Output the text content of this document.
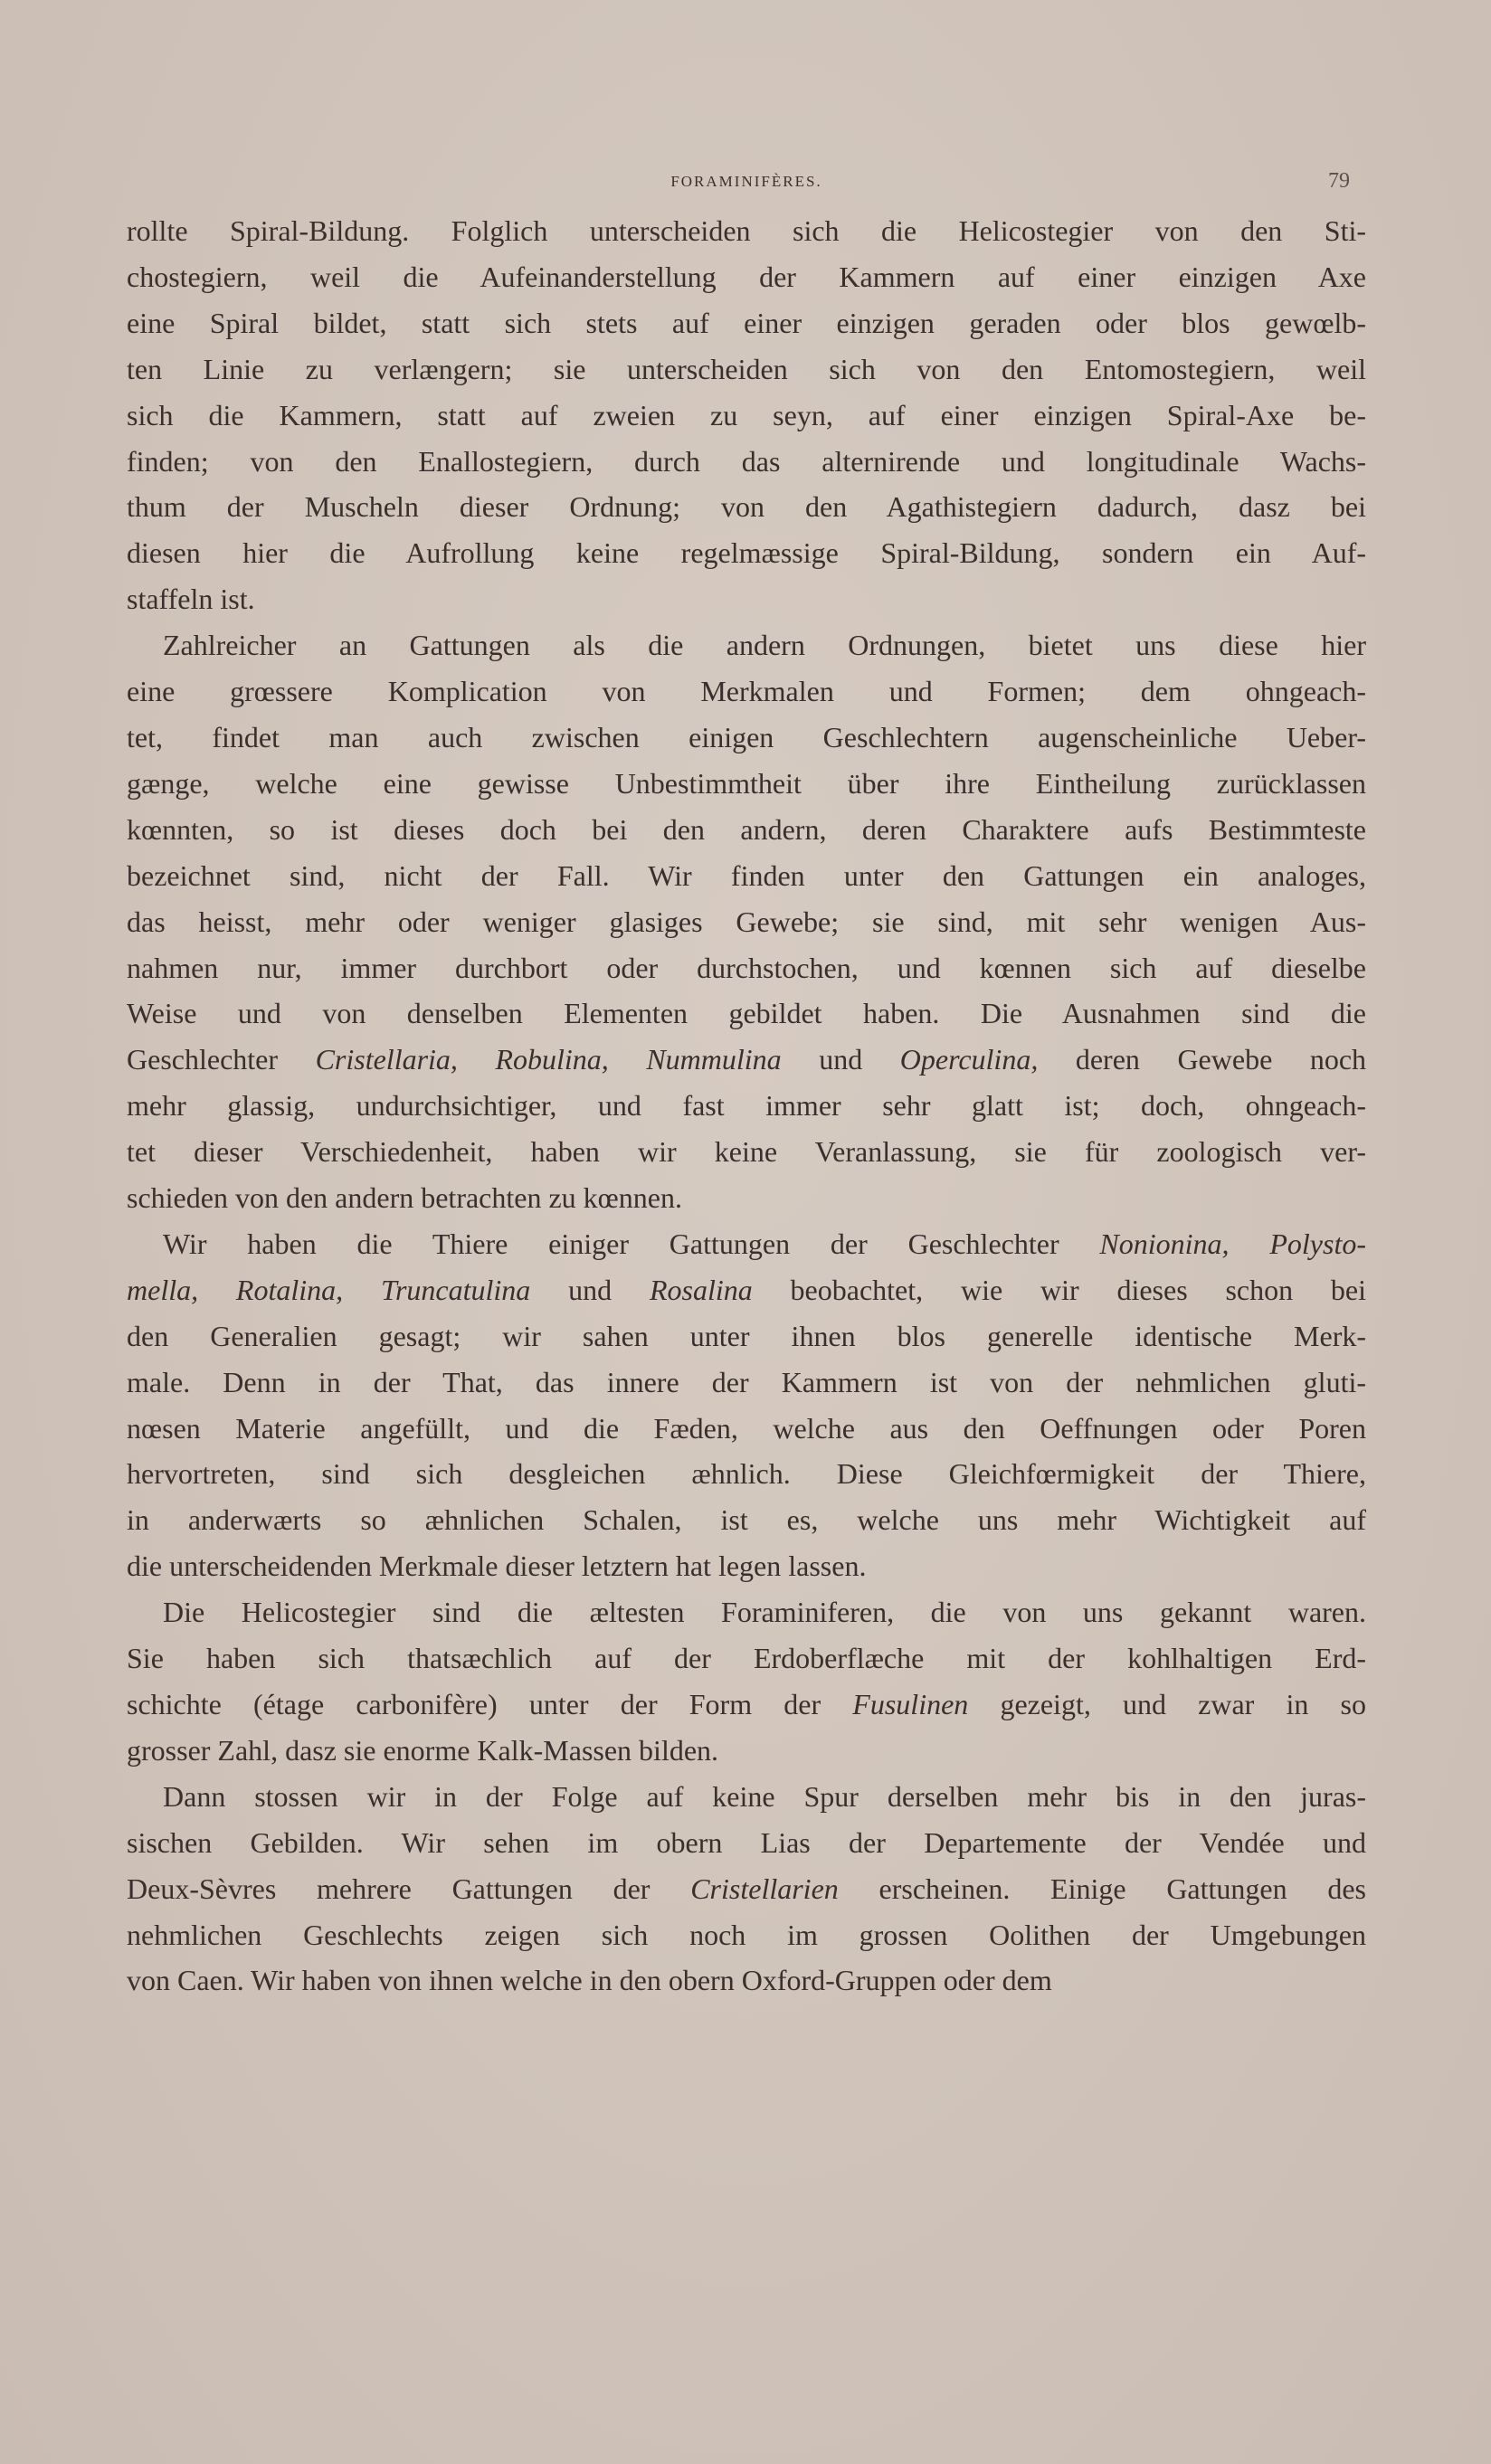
FORAMINIFÈRES.	79
rollte Spiral-Bildung. Folglich unterscheiden sich die Helicostegier von den Sti-
chostegiern, weil die Aufeinanderstellung der Kammern auf einer einzigen Axe
eine Spiral bildet, statt sich stets auf einer einzigen geraden oder blos gewœlb-
ten Linie zu verlængern; sie unterscheiden sich von den Entomostegiern, weil
sich die Kammern, statt auf zweien zu seyn, auf einer einzigen Spiral-Axe be-
finden; von den Enallostegiern, durch das alternirende und longitudinale Wachs-
thum der Muscheln dieser Ordnung; von den Agathistegiern dadurch, dasz bei
diesen hier die Aufrollung keine regelmæssige Spiral-Bildung, sondern ein Auf-
staffeln ist.
Zahlreicher an Gattungen als die andern Ordnungen, bietet uns diese hier
eine grœssere Komplication von Merkmalen und Formen; dem ohngeach-
tet, findet man auch zwischen einigen Geschlechtern augenscheinliche Ueber-
gænge, welche eine gewisse Unbestimmtheit über ihre Eintheilung zurücklassen
kœnnten, so ist dieses doch bei den andern, deren Charaktere aufs Bestimmteste
bezeichnet sind, nicht der Fall. Wir finden unter den Gattungen ein analoges,
das heisst, mehr oder weniger glasiges Gewebe; sie sind, mit sehr wenigen Aus-
nahmen nur, immer durchbort oder durchstochen, und kœnnen sich auf dieselbe
Weise und von denselben Elementen gebildet haben. Die Ausnahmen sind die
Geschlechter Cristellaria, Robulina, Nummulina und Operculina, deren Gewebe noch
mehr glassig, undurchsichtiger, und fast immer sehr glatt ist; doch, ohngeach-
tet dieser Verschiedenheit, haben wir keine Veranlassung, sie für zoologisch ver-
schieden von den andern betrachten zu kœnnen.
Wir haben die Thiere einiger Gattungen der Geschlechter Nonionina, Polysto-
mella, Rotalina, Truncatulina und Rosalina beobachtet, wie wir dieses schon bei
den Generalien gesagt; wir sahen unter ihnen blos generelle identische Merk-
male. Denn in der That, das innere der Kammern ist von der nehmlichen gluti-
nœsen Materie angefüllt, und die Fæden, welche aus den Oeffnungen oder Poren
hervortreten, sind sich desgleichen æhnlich. Diese Gleichfœrmigkeit der Thiere,
in anderwærts so æhnlichen Schalen, ist es, welche uns mehr Wichtigkeit auf
die unterscheidenden Merkmale dieser letztern hat legen lassen.
Die Helicostegier sind die æltesten Foraminiferen, die von uns gekannt waren.
Sie haben sich thatsæchlich auf der Erdoberflæche mit der kohlhaltigen Erd-
schichte (étage carbonifère) unter der Form der Fusulinen gezeigt, und zwar in so
grosser Zahl, dasz sie enorme Kalk-Massen bilden.
Dann stossen wir in der Folge auf keine Spur derselben mehr bis in den juras-
sischen Gebilden. Wir sehen im obern Lias der Departemente der Vendée und
Deux-Sèvres mehrere Gattungen der Cristellarien erscheinen. Einige Gattungen des
nehmlichen Geschlechts zeigen sich noch im grossen Oolithen der Umgebungen
von Caen. Wir haben von ihnen welche in den obern Oxford-Gruppen oder dem
